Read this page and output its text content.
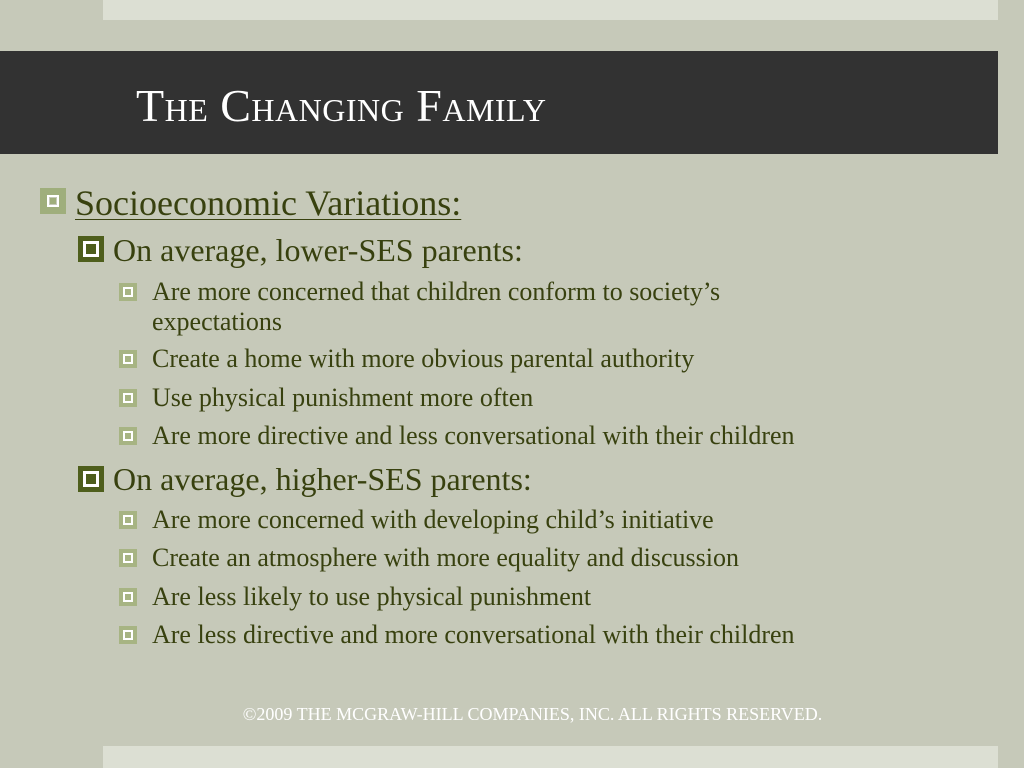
The Changing Family
Socioeconomic Variations:
On average, lower-SES parents:
Are more concerned that children conform to society’s
expectations
Create a home with more obvious parental authority
Use physical punishment more often
Are more directive and less conversational with their children
On average, higher-SES parents:
Are more concerned with developing child’s initiative
Create an atmosphere with more equality and discussion
Are less likely to use physical punishment
Are less directive and more conversational with their children

©2009 THE MCGRAW-HILL COMPANIES, INC. ALL RIGHTS RESERVED.
